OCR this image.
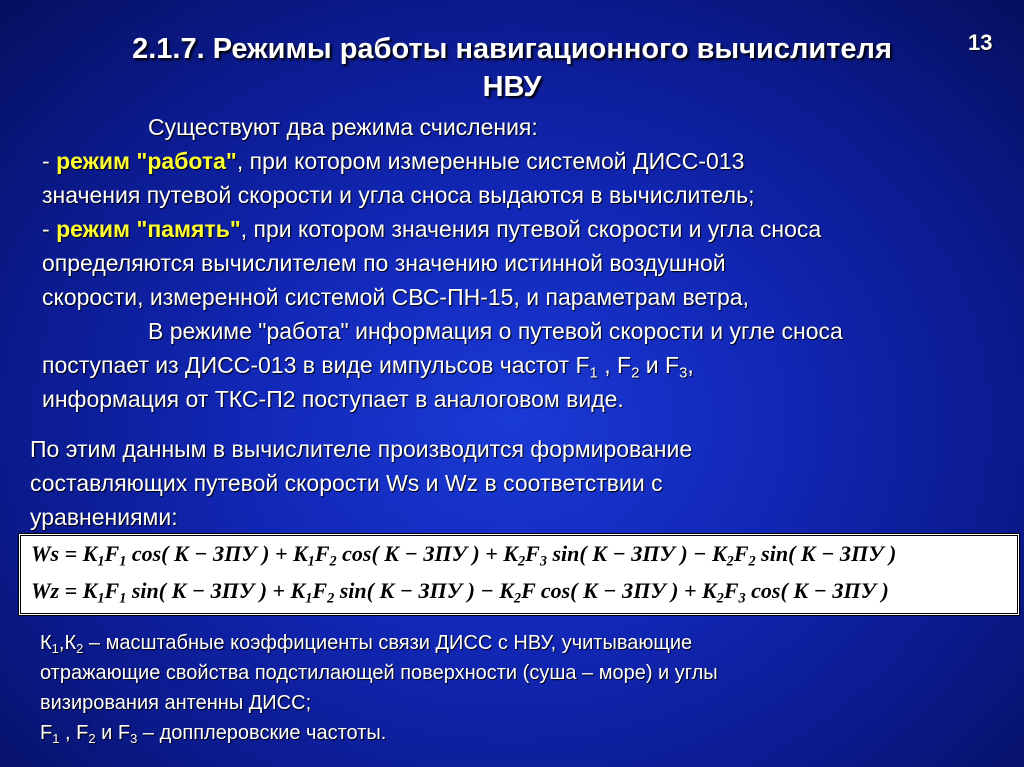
13
2.1.7. Режимы работы навигационного вычислителя
НВУ
Существуют два режима счисления:
- режим "работа", при котором измеренные системой ДИСС-013
значения путевой скорости и угла сноса выдаются в вычислитель;
- режим "память", при котором значения путевой скорости и угла сноса
определяются вычислителем по значению истинной воздушной
скорости, измеренной системой СВС-ПН-15, и параметрам ветра,
В режиме "работа" информация о путевой скорости и угле сноса
поступает из ДИСС-013 в виде импульсов частот $F_1$ , $F_2$ и $F_3$,
информация от ТКС-П2 поступает в аналоговом виде.
По этим данным в вычислителе производится формирование
составляющих путевой скорости Ws и Wz в соответствии с
уравнениями:
$Ws = K_1F_1$ cos( K − ЗПУ ) + $K_1F_2$ cos( K − ЗПУ ) + $K_2F_3$ sin( K − ЗПУ ) − $K_2F_2$ sin( K − ЗПУ )
$Wz = K_1F_1$ sin( K − ЗПУ ) + $K_1F_2$ sin( K − ЗПУ ) − $K_2F$ cos( K − ЗПУ ) + $K_2F_3$ cos( K − ЗПУ )
$К_1,К_2$ – масштабные коэффициенты связи ДИСС с НВУ, учитывающие
отражающие свойства подстилающей поверхности (суша – море) и углы
визирования антенны ДИСС;
$F_1$ , $F_2$ и $F_3$ – допплеровские частоты.
